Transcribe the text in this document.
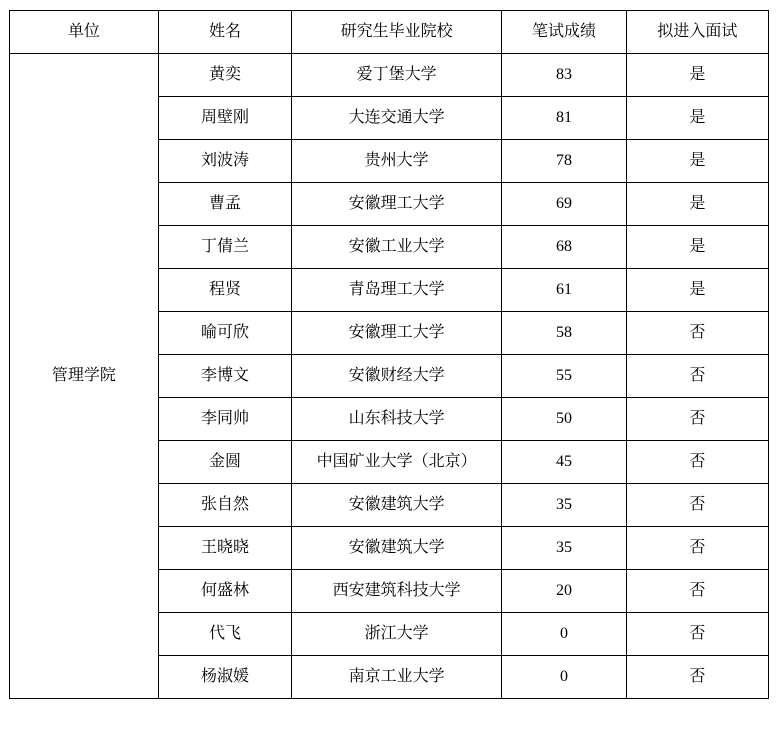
单位	姓名	研究生毕业院校	笔试成绩	拟进入面试
管理学院	黄奕	爱丁堡大学	83	是
	周壁刚	大连交通大学	81	是
	刘波涛	贵州大学	78	是
	曹孟	安徽理工大学	69	是
	丁倩兰	安徽工业大学	68	是
	程贤	青岛理工大学	61	是
	喻可欣	安徽理工大学	58	否
	李博文	安徽财经大学	55	否
	李同帅	山东科技大学	50	否
	金圆	中国矿业大学（北京）	45	否
	张自然	安徽建筑大学	35	否
	王晓晓	安徽建筑大学	35	否
	何盛林	西安建筑科技大学	20	否
	代飞	浙江大学	0	否
	杨淑媛	南京工业大学	0	否
